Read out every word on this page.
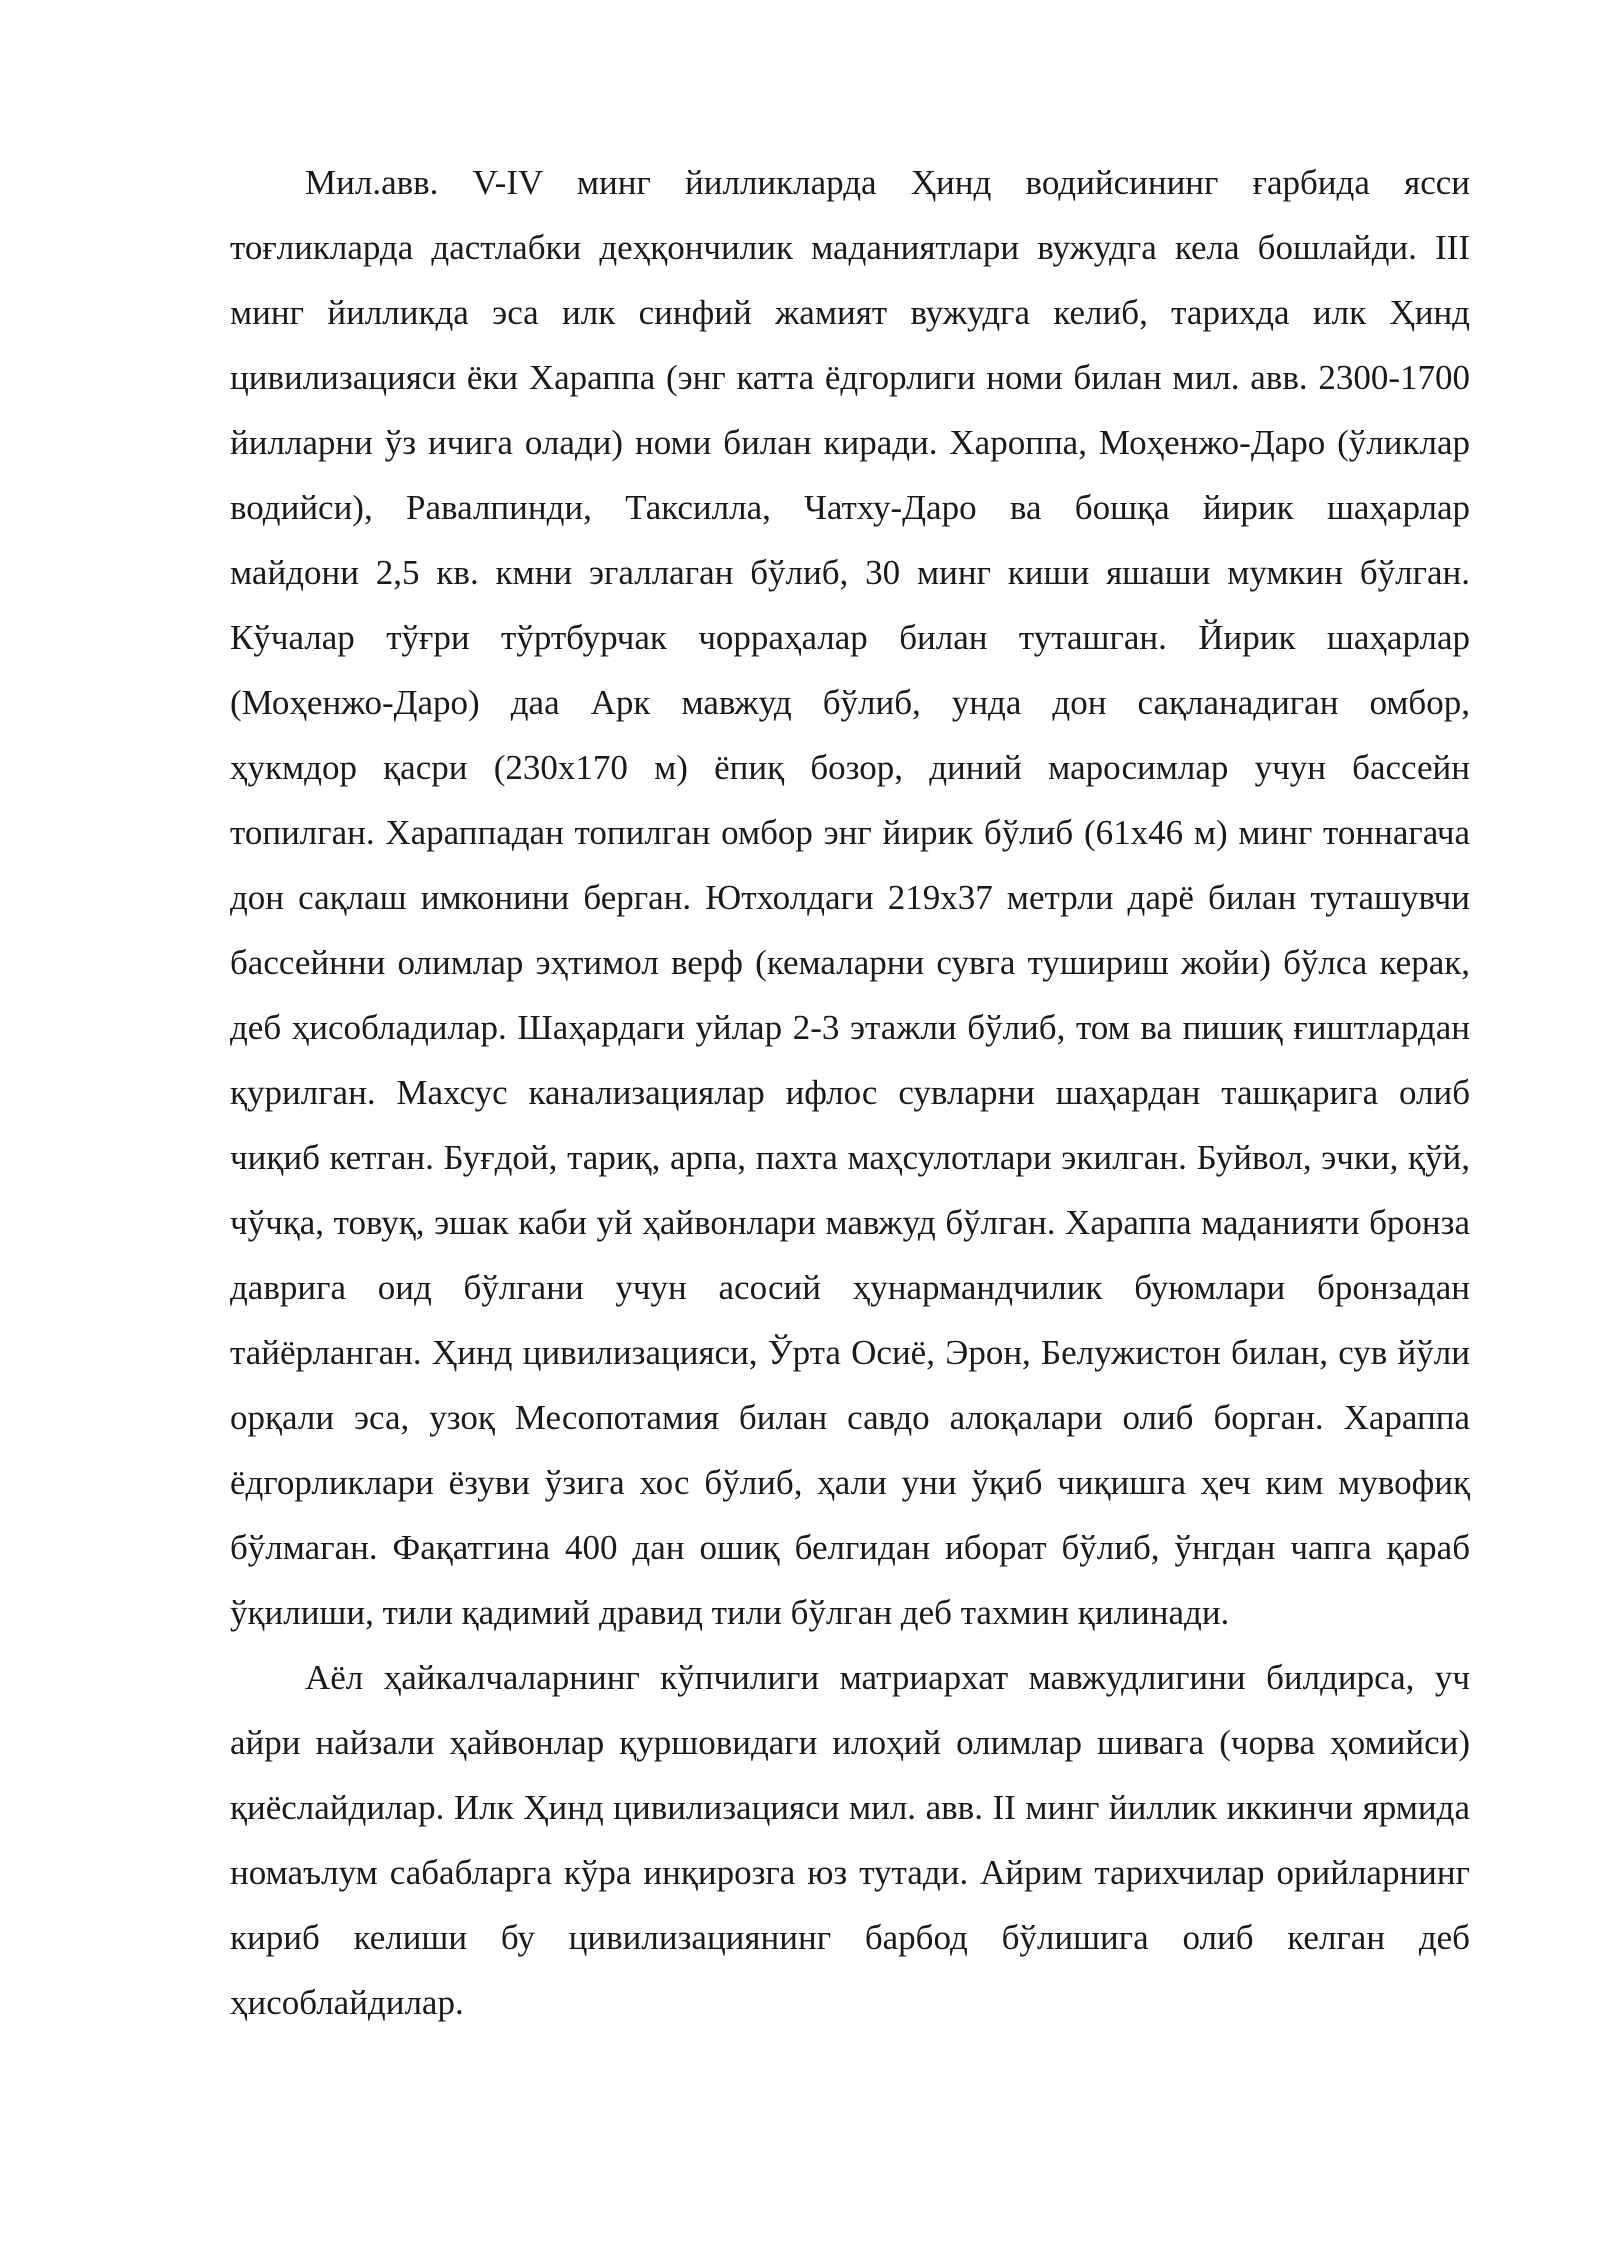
Мил.авв. V-IV минг йилликларда Ҳинд водийсининг ғарбида ясси
тоғликларда дастлабки деҳқончилик маданиятлари вужудга кела бошлайди. III
минг йилликда эса илк синфий жамият вужудга келиб, тарихда илк Ҳинд
цивилизацияси ёки Хараппа (энг катта ёдгорлиги номи билан мил. авв. 2300-1700
йилларни ўз ичига олади) номи билан киради. Хароппа, Моҳенжо-Даро (ўликлар
водийси), Равалпинди, Таксилла, Чатху-Даро ва бошқа йирик шаҳарлар
майдони 2,5 кв. кмни эгаллаган бўлиб, 30 минг киши яшаши мумкин бўлган.
Кўчалар тўғри тўртбурчак чорраҳалар билан туташган. Йирик шаҳарлар
(Моҳенжо-Даро) даа Арк мавжуд бўлиб, унда дон сақланадиган омбор,
ҳукмдор қасри (230х170 м) ёпиқ бозор, диний маросимлар учун бассейн
топилган. Хараппадан топилган омбор энг йирик бўлиб (61х46 м) минг тоннагача
дон сақлаш имконини берган. Ютхолдаги 219х37 метрли дарё билан туташувчи
бассейнни олимлар эҳтимол верф (кемаларни сувга тушириш жойи) бўлса керак,
деб ҳисобладилар. Шаҳардаги уйлар 2-3 этажли бўлиб, том ва пишиқ ғиштлардан
қурилган. Махсус канализациялар ифлос сувларни шаҳардан ташқарига олиб
чиқиб кетган. Буғдой, тариқ, арпа, пахта маҳсулотлари экилган. Буйвол, эчки, қўй,
чўчқа, товуқ, эшак каби уй ҳайвонлари мавжуд бўлган. Хараппа маданияти бронза
даврига оид бўлгани учун асосий ҳунармандчилик буюмлари бронзадан
тайёрланган. Ҳинд цивилизацияси, Ўрта Осиё, Эрон, Белужистон билан, сув йўли
орқали эса, узоқ Месопотамия билан савдо алоқалари олиб борган. Хараппа
ёдгорликлари ёзуви ўзига хос бўлиб, ҳали уни ўқиб чиқишга ҳеч ким мувофиқ
бўлмаган. Фақатгина 400 дан ошиқ белгидан иборат бўлиб, ўнгдан чапга қараб
ўқилиши, тили қадимий дравид тили бўлган деб тахмин қилинади.
Аёл ҳайкалчаларнинг кўпчилиги матриархат мавжудлигини билдирса, уч
айри найзали ҳайвонлар қуршовидаги илоҳий олимлар шивага (чорва ҳомийси)
қиёслайдилар. Илк Ҳинд цивилизацияси мил. авв. II минг йиллик иккинчи ярмида
номаълум сабабларга кўра инқирозга юз тутади. Айрим тарихчилар орийларнинг
кириб келиши бу цивилизациянинг барбод бўлишига олиб келган деб
ҳисоблайдилар.
